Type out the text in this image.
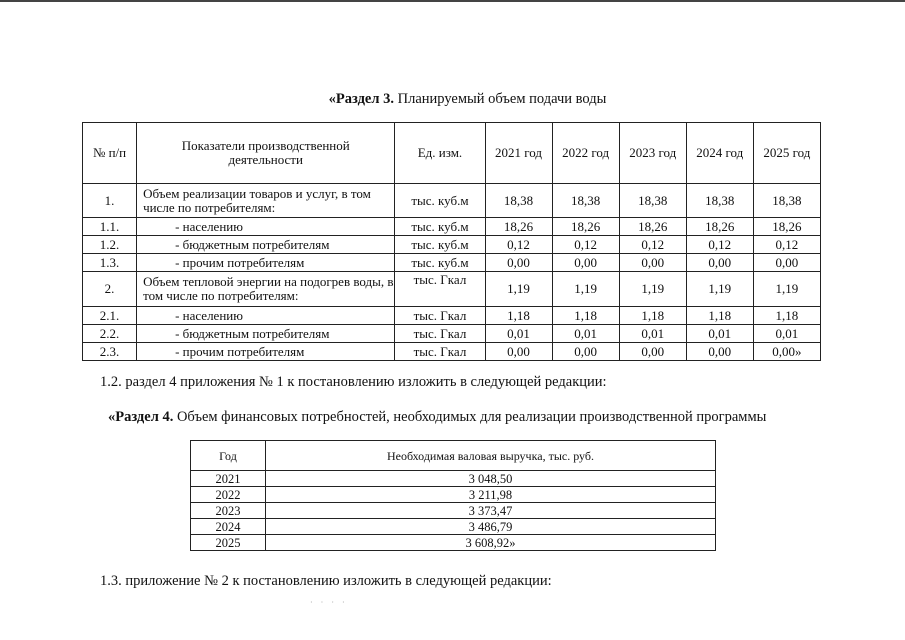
«Раздел 3. Планируемый объем подачи воды
№ п/п	Показатели производственной деятельности	Ед. изм.	2021 год	2022 год	2023 год	2024 год	2025 год
1.	Объем реализации товаров и услуг, в том числе по потребителям:	тыс. куб.м	18,38	18,38	18,38	18,38	18,38
1.1.	- населению	тыс. куб.м	18,26	18,26	18,26	18,26	18,26
1.2.	- бюджетным потребителям	тыс. куб.м	0,12	0,12	0,12	0,12	0,12
1.3.	- прочим потребителям	тыс. куб.м	0,00	0,00	0,00	0,00	0,00
2.	Объем тепловой энергии на подогрев воды, в том числе по потребителям:	тыс. Гкал	1,19	1,19	1,19	1,19	1,19
2.1.	- населению	тыс. Гкал	1,18	1,18	1,18	1,18	1,18
2.2.	- бюджетным потребителям	тыс. Гкал	0,01	0,01	0,01	0,01	0,01
2.3.	- прочим потребителям	тыс. Гкал	0,00	0,00	0,00	0,00	0,00»
1.2. раздел 4 приложения № 1 к постановлению изложить в следующей редакции:
«Раздел 4. Объем финансовых потребностей, необходимых для реализации производственной программы
Год	Необходимая валовая выручка, тыс. руб.
2021	3 048,50
2022	3 211,98
2023	3 373,47
2024	3 486,79
2025	3 608,92»
1.3. приложение № 2 к постановлению изложить в следующей редакции:
· · · ·
